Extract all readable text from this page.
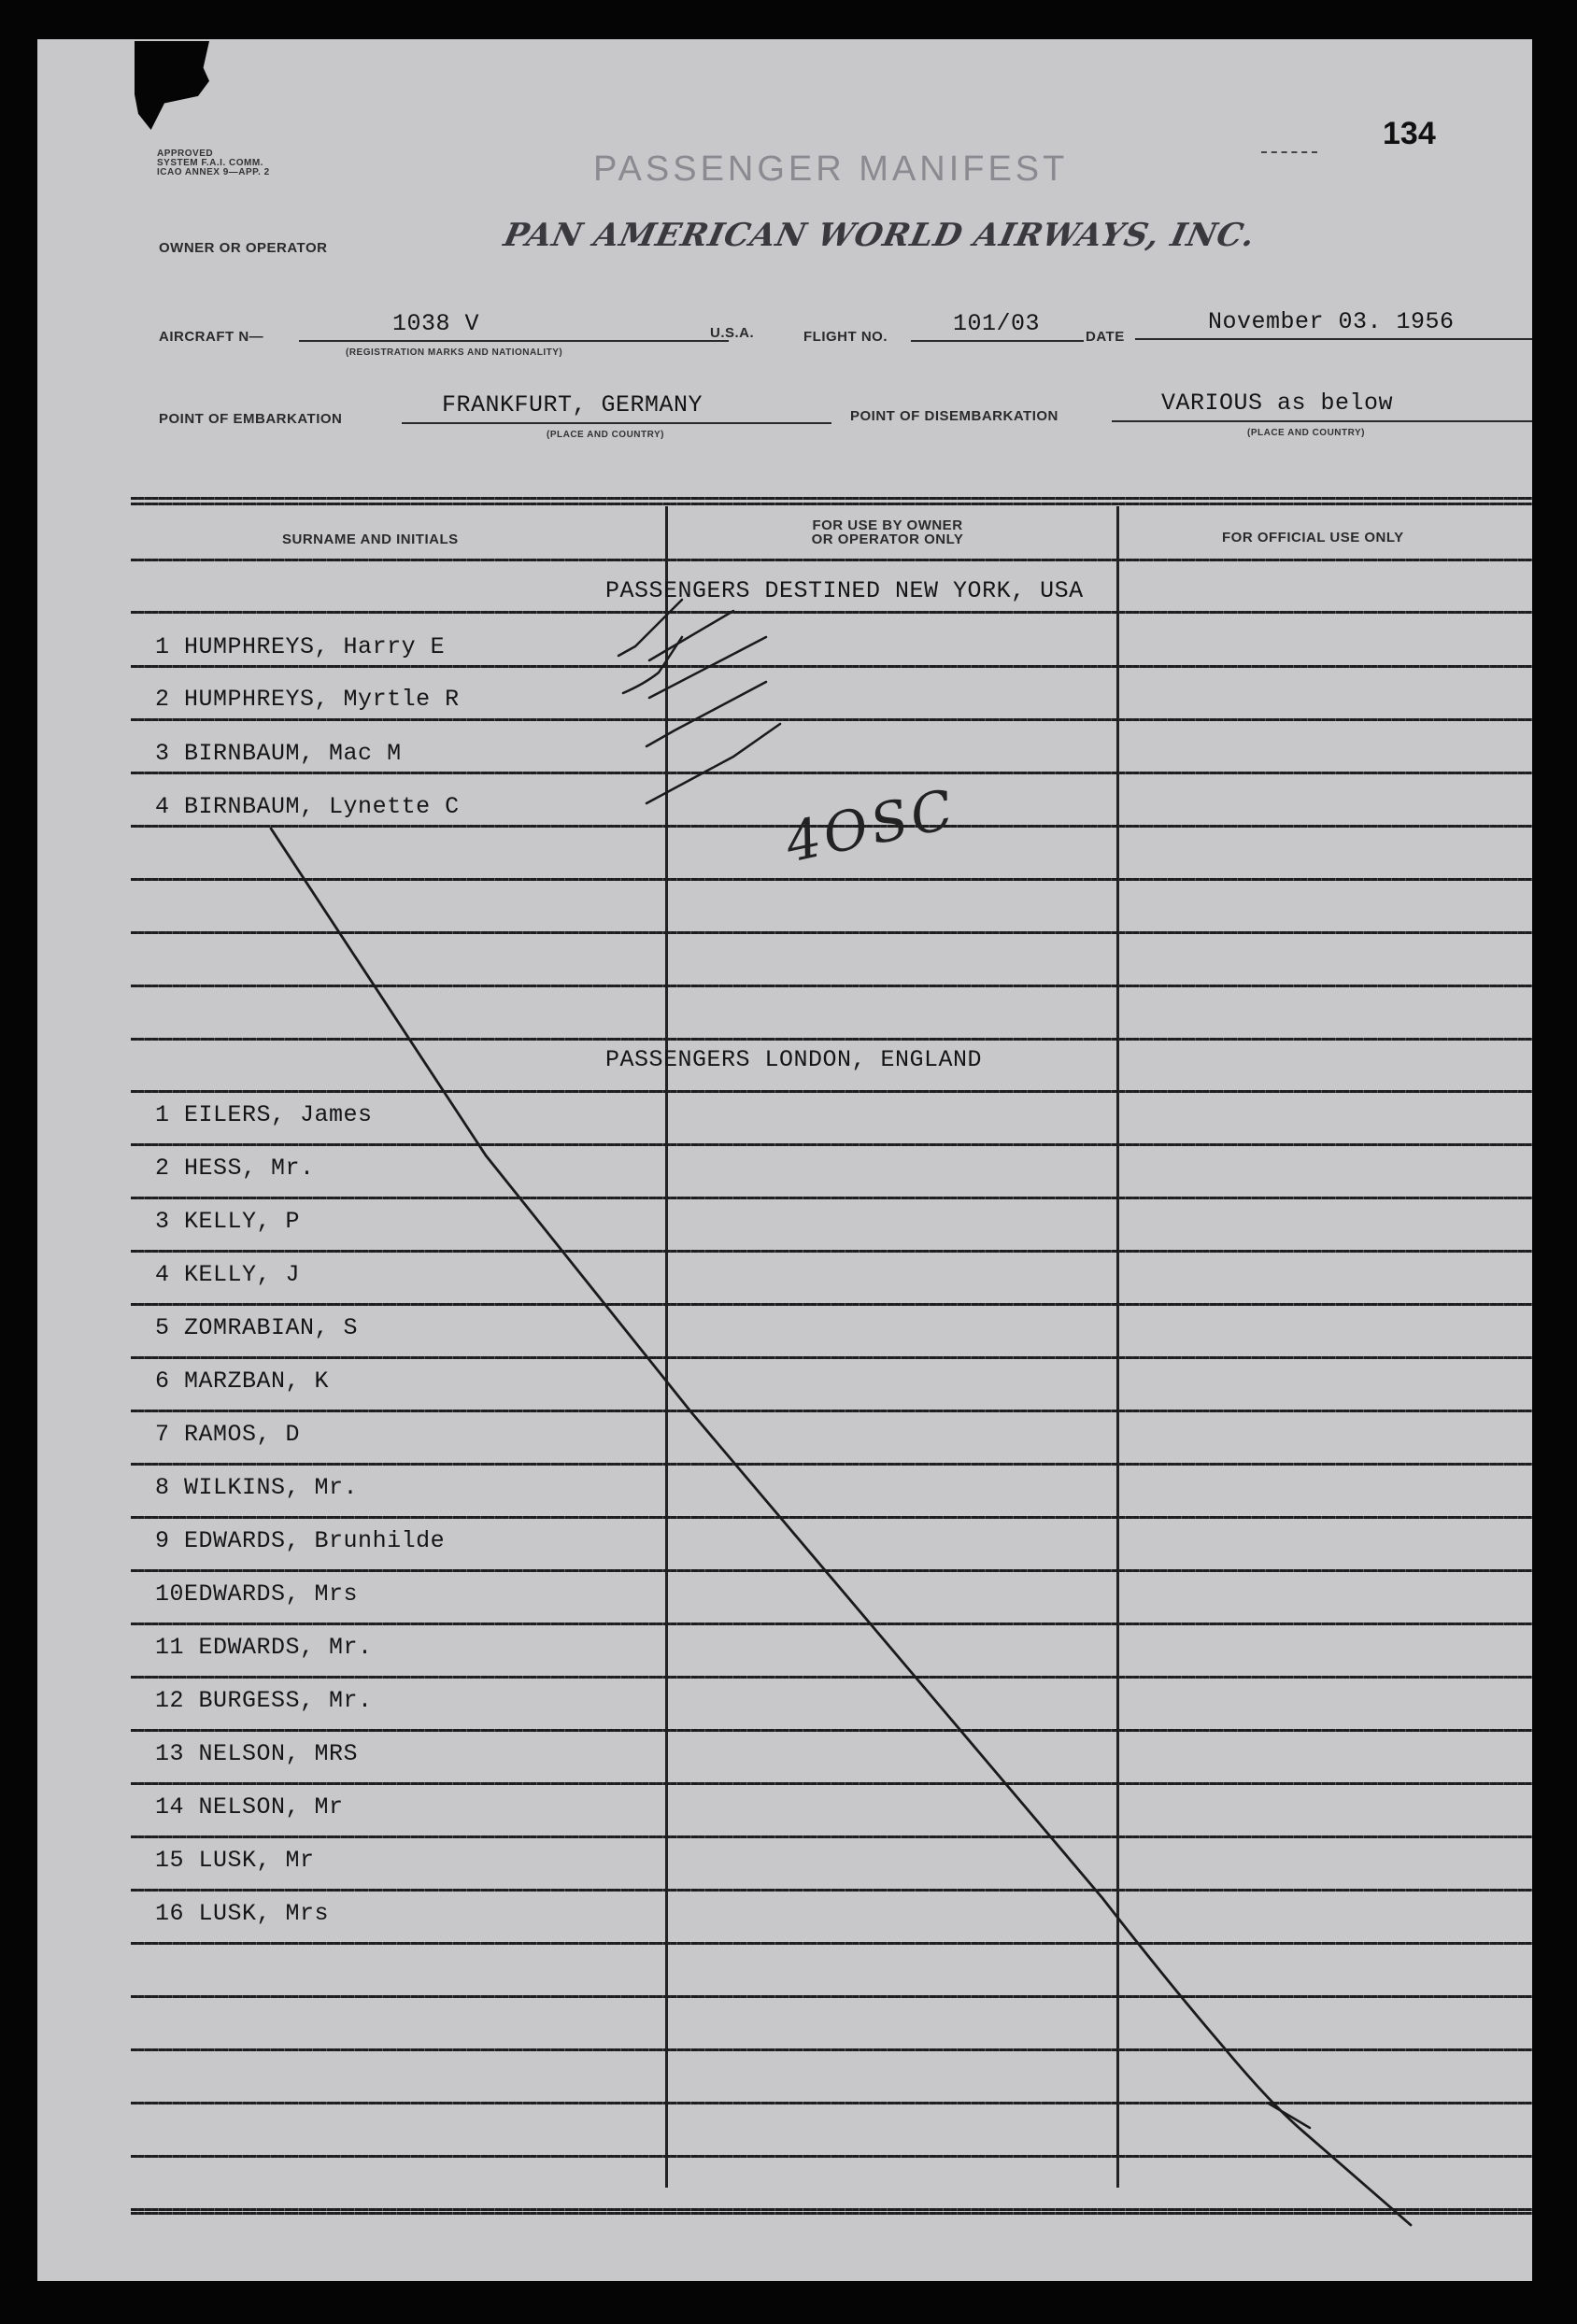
134
APPROVED
SYSTEM F.A.I. COMM.
ICAO ANNEX 9—APP. 2	PASSENGER MANIFEST
OWNER OR OPERATOR	PAN AMERICAN WORLD AIRWAYS, INC.
AIRCRAFT N—	1038 V
(REGISTRATION MARKS AND NATIONALITY)
U.S.A.	FLIGHT NO.	101/03	DATE
November 03. 1956
POINT OF EMBARKATION
FRANKFURT, GERMANY
(PLACE AND COUNTRY)
POINT OF DISEMBARKATION	VARIOUS as below
(PLACE AND COUNTRY)
SURNAME AND INITIALS
FOR USE BY OWNER
OR OPERATOR ONLY	FOR OFFICIAL USE ONLY
PASSENGERS DESTINED NEW YORK, USA
1 HUMPHREYS, Harry E
2 HUMPHREYS, Myrtle R
3 BIRNBAUM, Mac M
4 BIRNBAUM, Lynette C
PASSENGERS LONDON, ENGLAND
1 EILERS, James
2 HESS, Mr.
3 KELLY, P
4 KELLY, J
5 ZOMRABIAN, S
6 MARZBAN, K
7 RAMOS, D
8 WILKINS, Mr.
9 EDWARDS, Brunhilde
10EDWARDS, Mrs
11 EDWARDS, Mr.
12 BURGESS, Mr.
13 NELSON, MRS
14 NELSON, Mr
15 LUSK, Mr
16 LUSK, Mrs
4OSC
